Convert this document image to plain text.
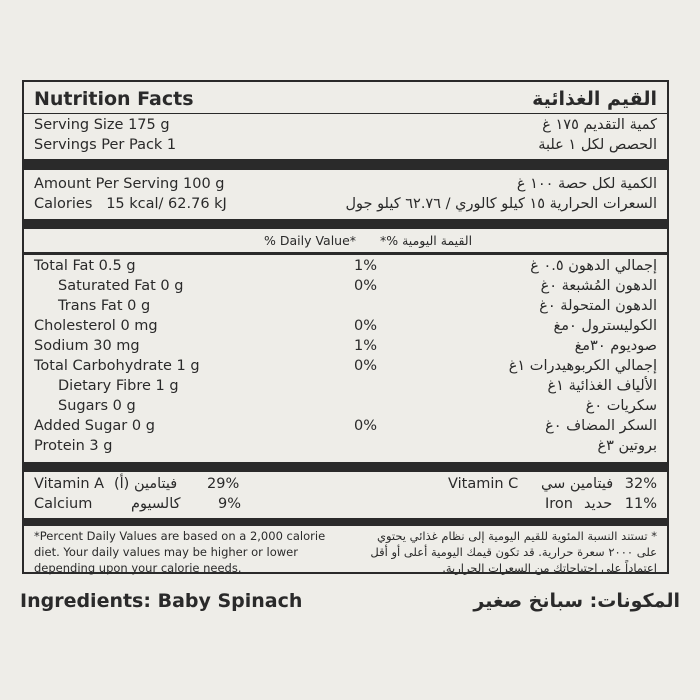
Nutrition Facts	القيم الغذائية
Serving Size 175 g	كمية التقديم ١٧٥ غ
Servings Per Pack 1	الحصص لكل ١ علبة
Amount Per Serving 100 g	الكمية لكل حصة ١٠٠ غ
Calories   15 kcal/ 62.76 kJ	السعرات الحرارية ١٥ كيلو كالوري / ٦٢.٧٦ كيلو جول
% Daily Value* القيمة اليومية %*
Total Fat 0.5 g	1%	إجمالي الدهون ٠.٥ غ
Saturated Fat 0 g	0%	الدهون المُشبعة ٠غ
Trans Fat 0 g	الدهون المتحولة ٠غ
Cholesterol 0 mg	0%	الكوليسترول ٠مغ
Sodium 30 mg	1%	صوديوم ٣٠مغ
Total Carbohydrate 1 g	0%	إجمالي الكربوهيدرات ١غ
Dietary Fibre 1 g	الألياف الغذائية ١غ
Sugars 0 g	سكريات ٠غ
Added Sugar 0 g	0%	السكر المضاف ٠غ
Protein 3 g	بروتين ٣غ
Vitamin A فيتامين (أ) 29%	Vitamin C فيتامين سي 32%
Calcium	كالسيوم	9%	Iron حديد 11%
*Percent Daily Values are based on a 2,000 calorie diet. Your daily values may be higher or lower depending upon your calorie needs.
* تستند النسبة المئوية للقيم اليومية إلى نظام غذائي يحتوي على ٢٠٠٠ سعرة حرارية. قد تكون قيمك اليومية أعلى أو أقل اعتماداً على احتياجاتك من السعرات الحرارية.
Ingredients: Baby Spinach	المكونات: سبانخ صغير
